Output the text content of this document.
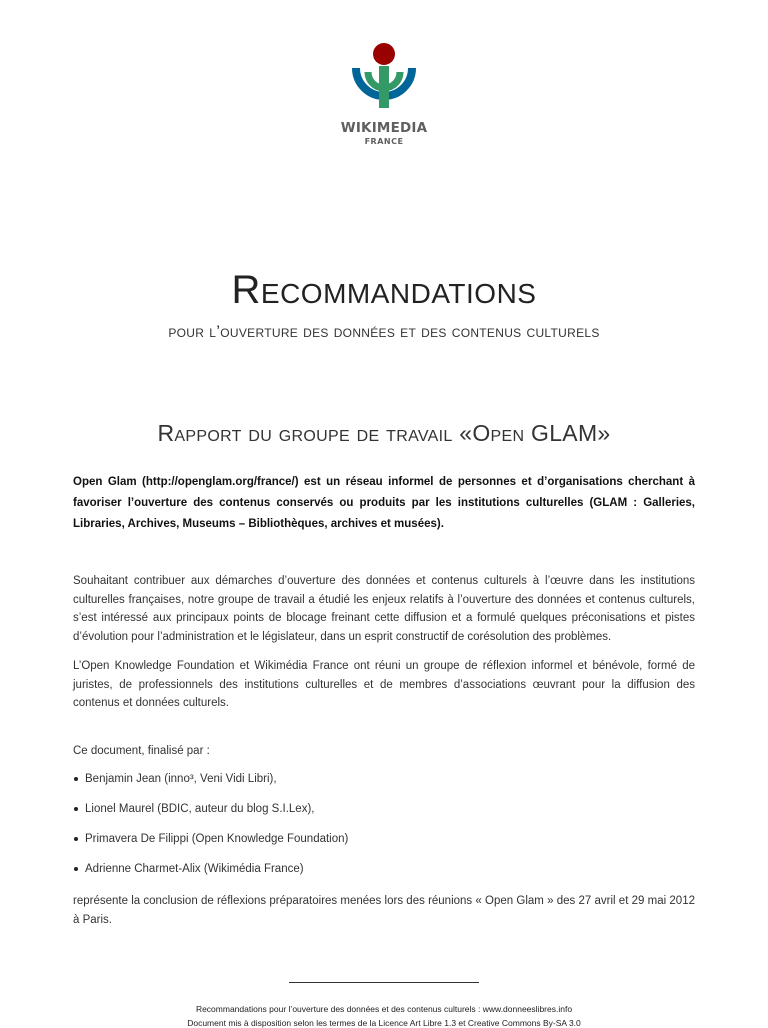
WIKIMEDIA
FRANCE
Recommandations
pour l’ouverture des données et des contenus culturels
Rapport du groupe de travail «Open GLAM»
Open Glam (http://openglam.org/france/) est un réseau informel de personnes et d’organisations cherchant à favoriser l’ouverture des contenus conservés ou produits par les institutions culturelles (GLAM : Galleries, Libraries, Archives, Museums – Bibliothèques, archives et musées).
Souhaitant contribuer aux démarches d’ouverture des données et contenus culturels à l’œuvre dans les institutions culturelles françaises, notre groupe de travail a étudié les enjeux relatifs à l’ouverture des données et contenus culturels, s’est intéressé aux principaux points de blocage freinant cette diffusion et a formulé quelques préconisations et pistes d’évolution pour l’administration et le législateur, dans un esprit constructif de corésolution des problèmes.
L’Open Knowledge Foundation et Wikimédia France ont réuni un groupe de réflexion informel et bénévole, formé de juristes, de professionnels des institutions culturelles et de membres d’associations œuvrant pour la diffusion des contenus et données culturels.
Ce document, finalisé par :
Benjamin Jean (inno³, Veni Vidi Libri),
Lionel Maurel (BDIC, auteur du blog S.I.Lex),
Primavera De Filippi (Open Knowledge Foundation)
Adrienne Charmet-Alix (Wikimédia France)
représente la conclusion de réflexions préparatoires menées lors des réunions « Open Glam » des 27 avril et 29 mai 2012 à Paris.
Recommandations pour l’ouverture des données et des contenus culturels : www.donneeslibres.info
Document mis à disposition selon les termes de la Licence Art Libre 1.3 et Creative Commons By-SA 3.0
